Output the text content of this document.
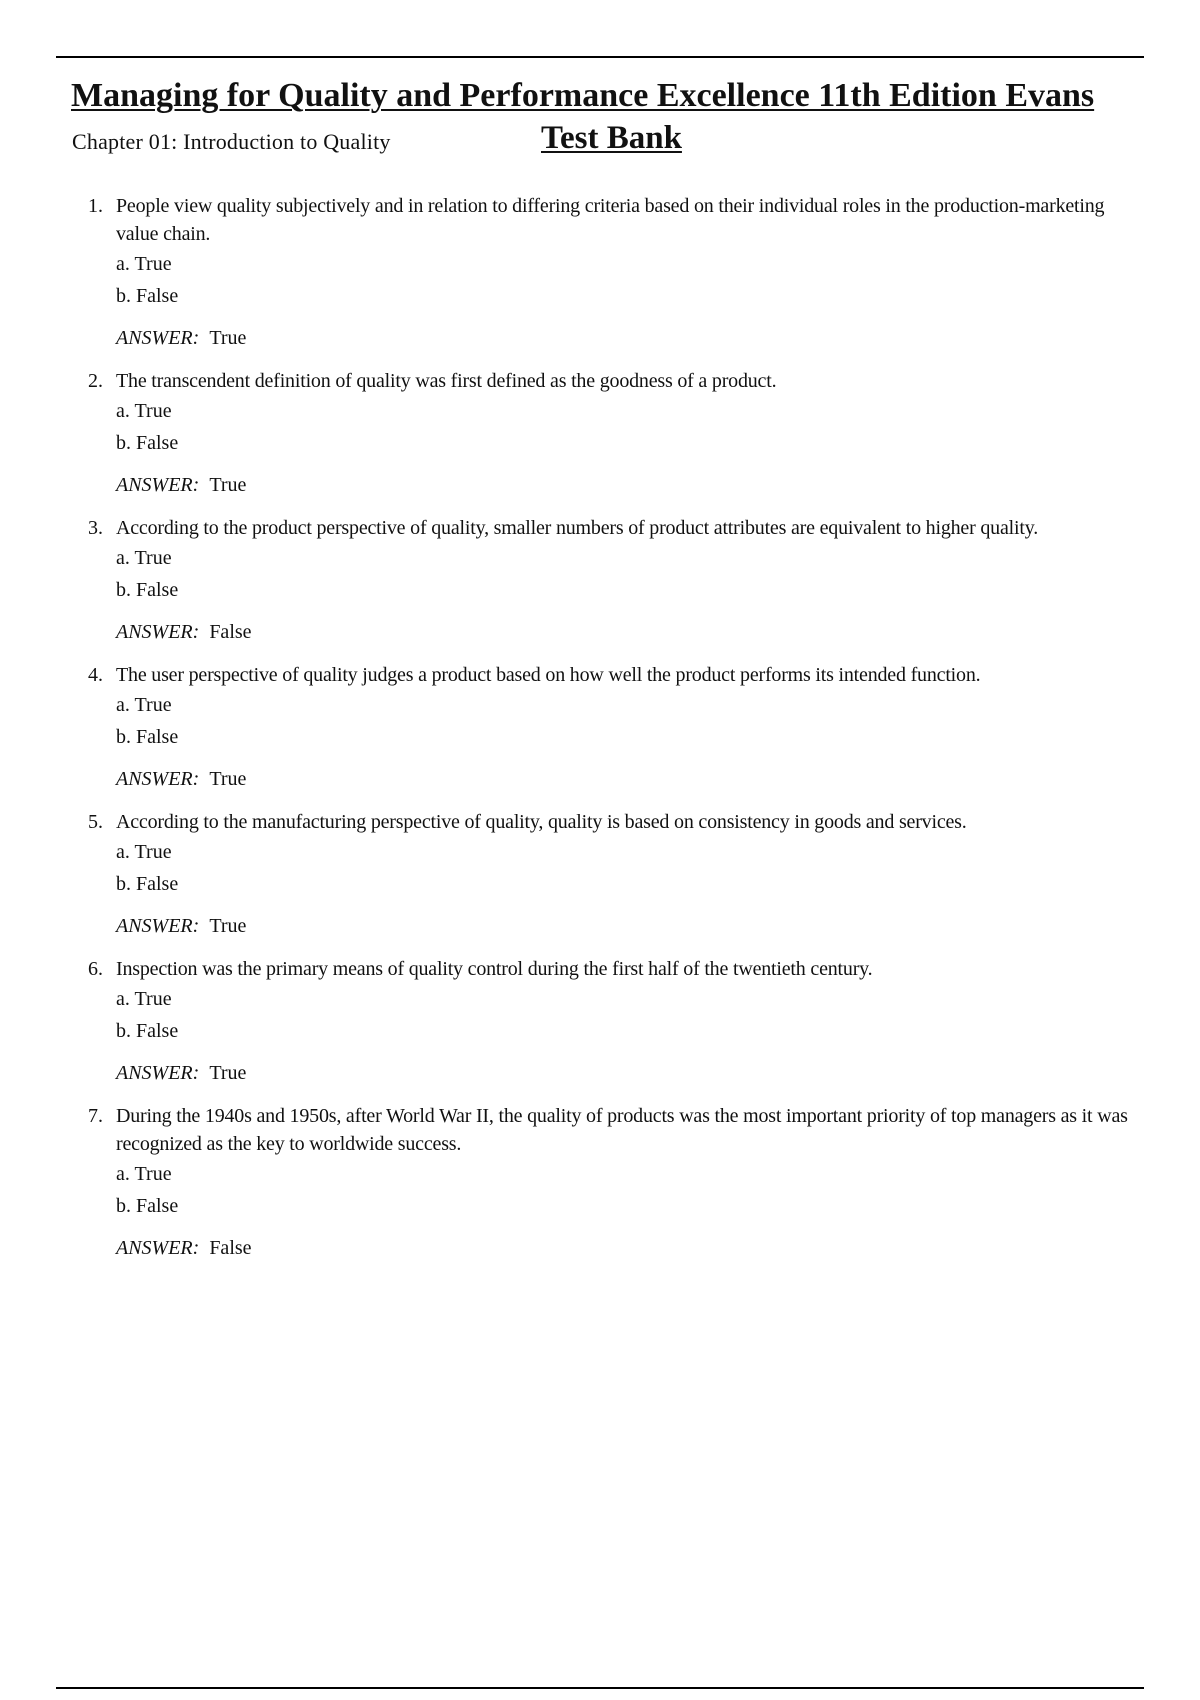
Managing for Quality and Performance Excellence 11th Edition Evans
Chapter 01: Introduction to Quality	Test Bank
1. People view quality subjectively and in relation to differing criteria based on their individual roles in the production-marketing value chain.
a. True
b. False
ANSWER: True
2. The transcendent definition of quality was first defined as the goodness of a product.
a. True
b. False
ANSWER: True
3. According to the product perspective of quality, smaller numbers of product attributes are equivalent to higher quality.
a. True
b. False
ANSWER: False
4. The user perspective of quality judges a product based on how well the product performs its intended function.
a. True
b. False
ANSWER: True
5. According to the manufacturing perspective of quality, quality is based on consistency in goods and services.
a. True
b. False
ANSWER: True
6. Inspection was the primary means of quality control during the first half of the twentieth century.
a. True
b. False
ANSWER: True
7. During the 1940s and 1950s, after World War II, the quality of products was the most important priority of top managers as it was recognized as the key to worldwide success.
a. True
b. False
ANSWER: False
